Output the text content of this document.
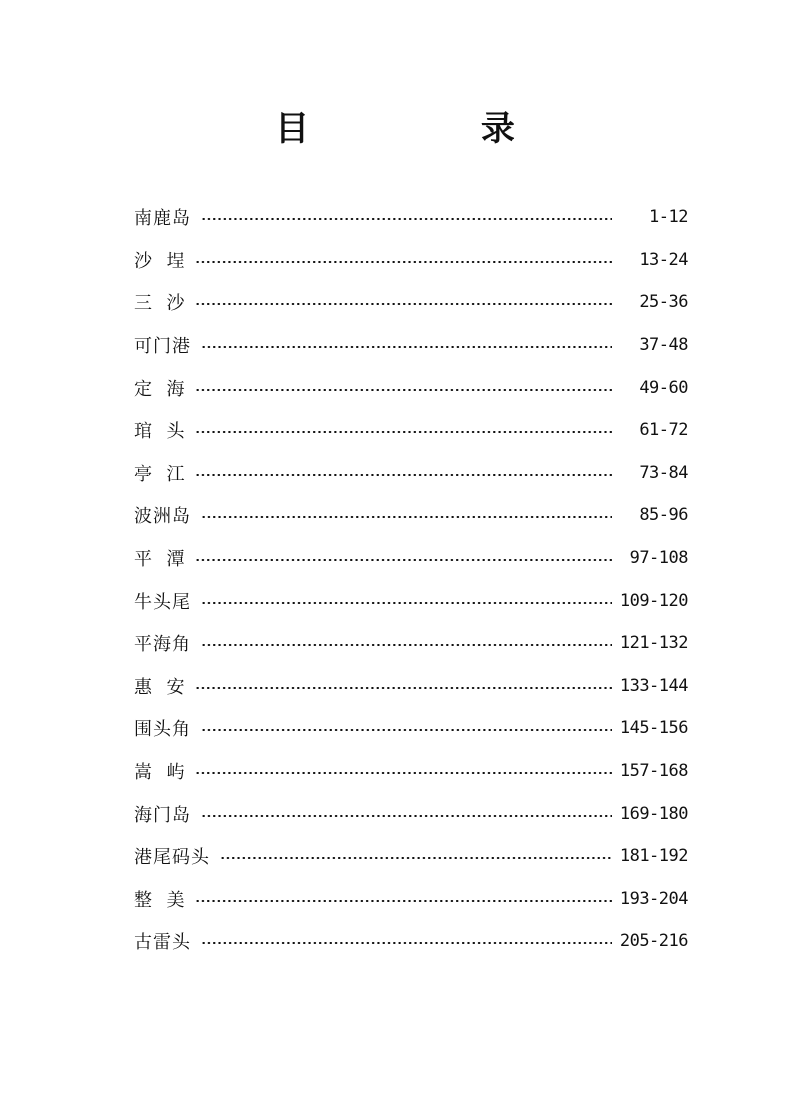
目 录
南鹿岛	1-12
沙  埕	13-24
三  沙	25-36
可门港	37-48
定  海	49-60
琯  头	61-72
亭  江	73-84
波洲岛	85-96
平  潭	97-108
牛头尾	109-120
平海角	121-132
惠  安	133-144
围头角	145-156
嵩  屿	157-168
海门岛	169-180
港尾码头	181-192
整  美	193-204
古雷头	205-216
